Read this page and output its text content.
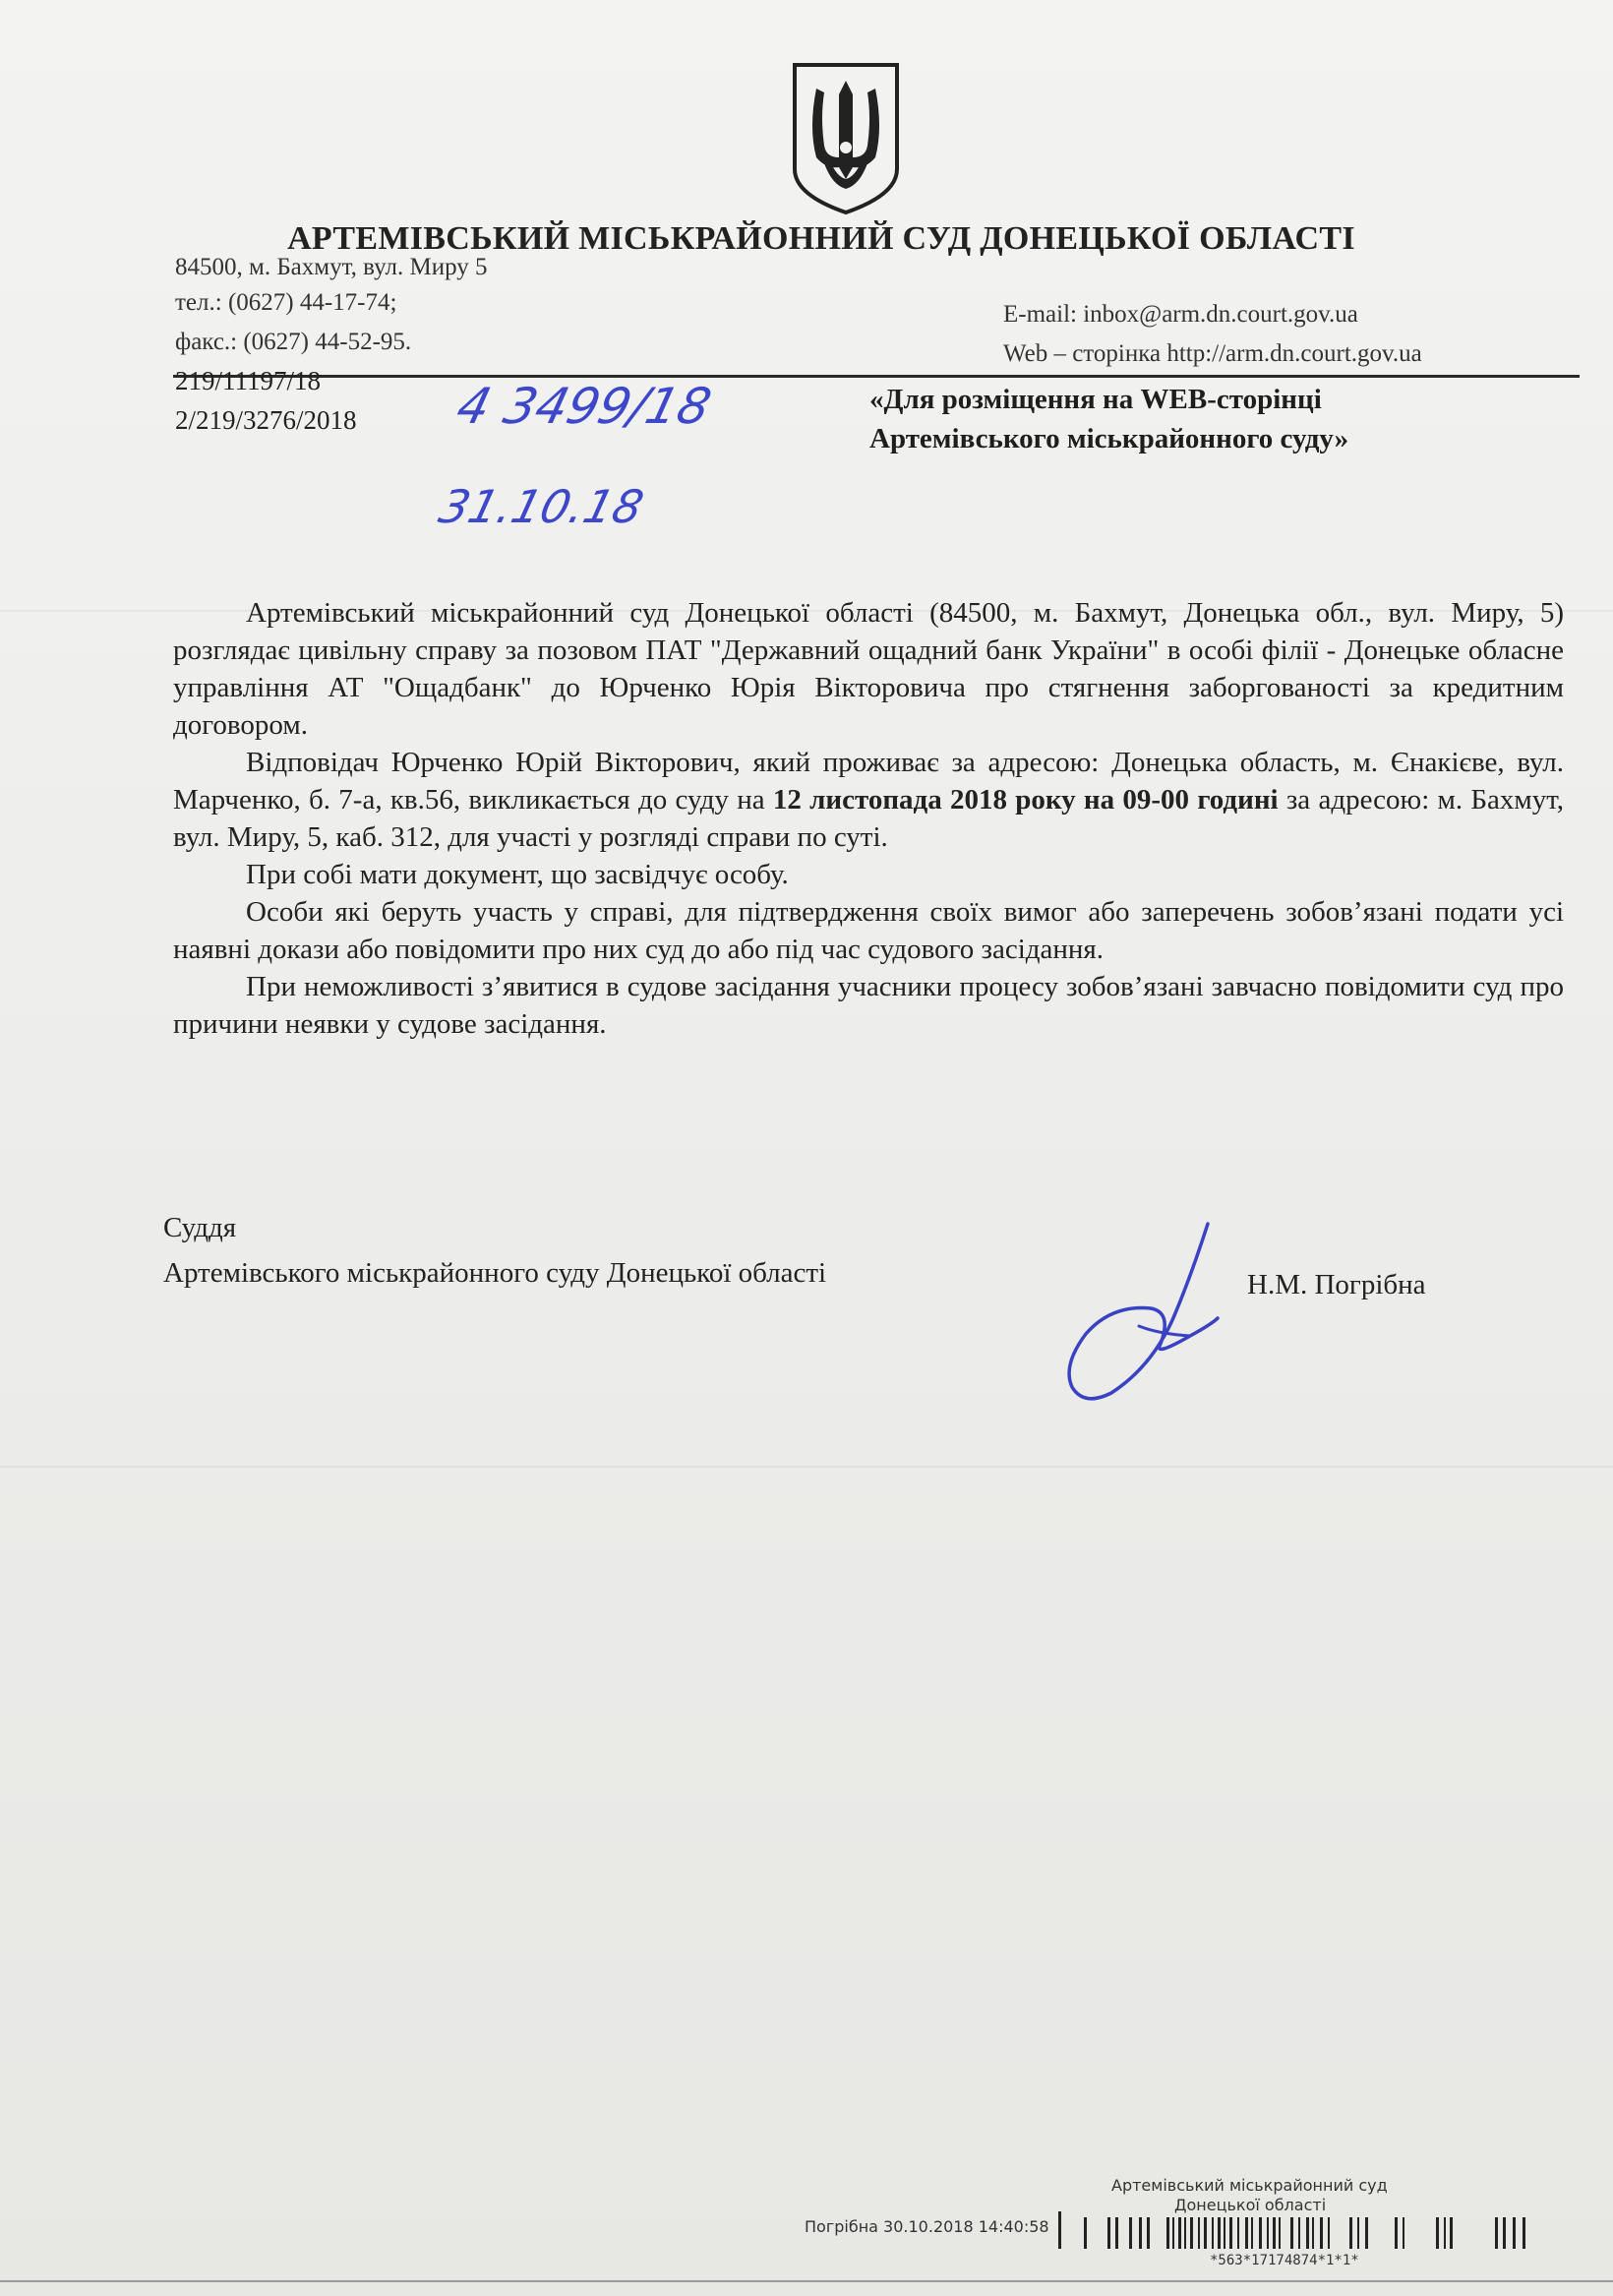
АРТЕМІВСЬКИЙ МІСЬКРАЙОННИЙ СУД ДОНЕЦЬКОЇ ОБЛАСТІ
84500, м. Бахмут, вул. Миру 5
тел.: (0627) 44-17-74;
факс.: (0627) 44-52-95.
E-mail: inbox@arm.dn.court.gov.ua
Web – сторінка http://arm.dn.court.gov.ua
219/11197/18
2/219/3276/2018 4 3499/18
31.10.18
«Для розміщення на WEB-сторінці
Артемівського міськрайонного суду»

Артемівський міськрайонний суд Донецької області (84500, м. Бахмут, Донецька обл., вул. Миру, 5) розглядає цивільну справу за позовом ПАТ "Державний ощадний банк України" в особі філії - Донецьке обласне управління АТ "Ощадбанк" до Юрченко Юрія Вікторовича про стягнення заборгованості за кредитним договором.

Відповідач Юрченко Юрій Вікторович, який проживає за адресою: Донецька область, м. Єнакієве, вул. Марченко, б. 7-а, кв.56, викликається до суду на 12 листопада 2018 року на 09-00 годині за адресою: м. Бахмут, вул. Миру, 5, каб. 312, для участі у розгляді справи по суті.

При собі мати документ, що засвідчує особу.

Особи які беруть участь у справі, для підтвердження своїх вимог або заперечень зобов’язані подати усі наявні докази або повідомити про них суд до або під час судового засідання.

При неможливості з’явитися в судове засідання учасники процесу зобов’язані завчасно повідомити суд про причини неявки у судове засідання.

Суддя
Артемівського міськрайонного суду Донецької області	Н.М. Погрібна
Артемівський міськрайонний суд
Донецької області
Погрібна 30.10.2018 14:40:58
*563*17174874*1*1*
